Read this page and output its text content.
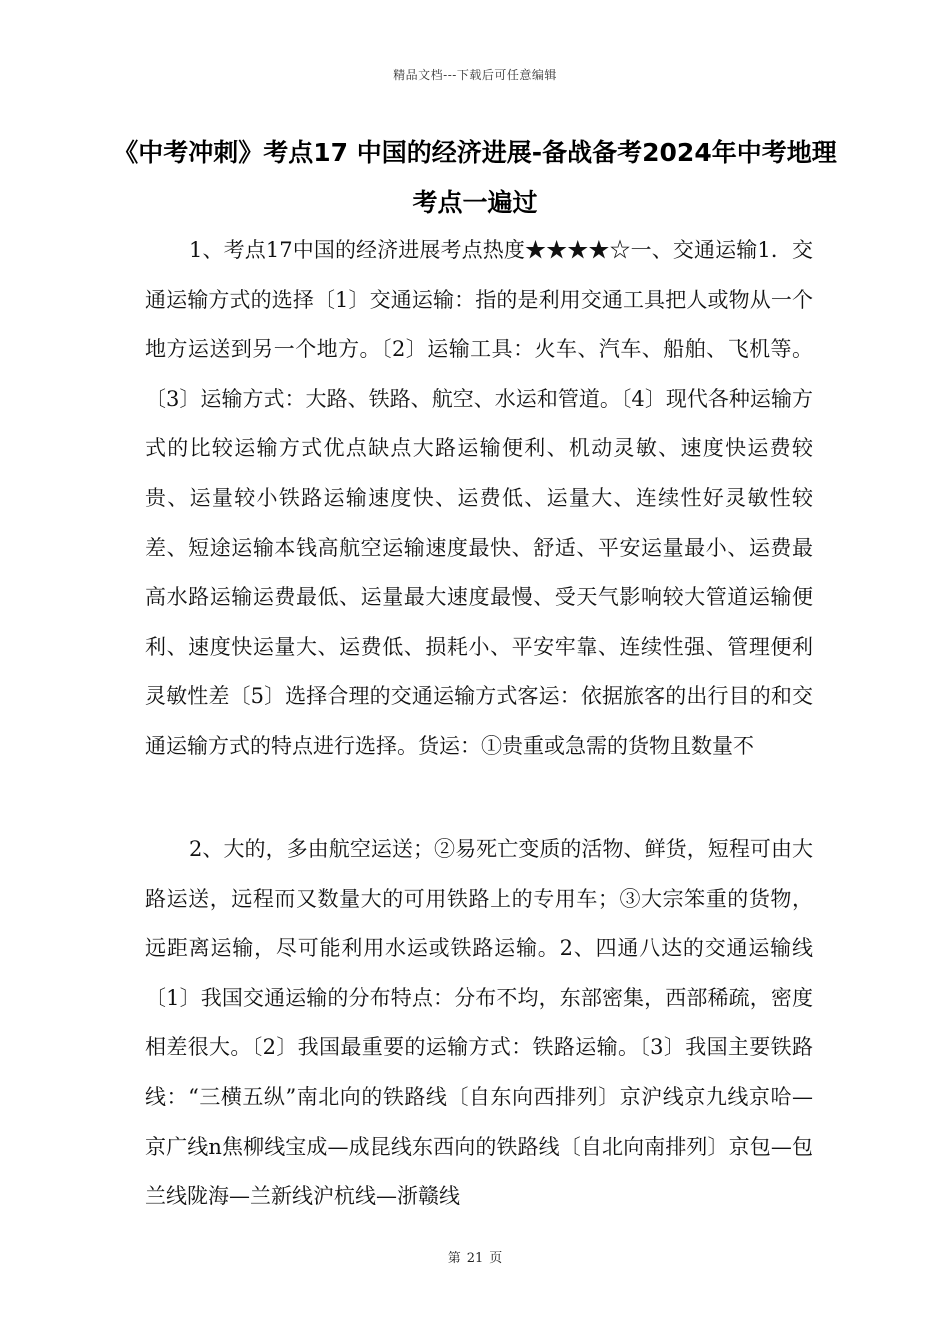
精品文档---下载后可任意编辑
《中考冲刺》考点17 中国的经济进展-备战备考2024年中考地理考点一遍过

1、考点17中国的经济进展考点热度★★★★☆一、交通运输1．交通运输方式的选择〔1〕交通运输：指的是利用交通工具把人或物从一个地方运送到另一个地方。〔2〕运输工具：火车、汽车、船舶、飞机等。〔3〕运输方式：大路、铁路、航空、水运和管道。〔4〕现代各种运输方式的比较运输方式优点缺点大路运输便利、机动灵敏、速度快运费较贵、运量较小铁路运输速度快、运费低、运量大、连续性好灵敏性较差、短途运输本钱高航空运输速度最快、舒适、平安运量最小、运费最高水路运输运费最低、运量最大速度最慢、受天气影响较大管道运输便利、速度快运量大、运费低、损耗小、平安牢靠、连续性强、管理便利灵敏性差〔5〕选择合理的交通运输方式客运：依据旅客的出行目的和交通运输方式的特点进行选择。货运：①贵重或急需的货物且数量不

2、大的，多由航空运送；②易死亡变质的活物、鲜货，短程可由大路运送，远程而又数量大的可用铁路上的专用车；③大宗笨重的货物，远距离运输，尽可能利用水运或铁路运输。2、四通八达的交通运输线〔1〕我国交通运输的分布特点：分布不均，东部密集，西部稀疏，密度相差很大。〔2〕我国最重要的运输方式：铁路运输。〔3〕我国主要铁路线：“三横五纵”南北向的铁路线〔自东向西排列〕京沪线京九线京哈—京广线n焦柳线宝成—成昆线东西向的铁路线〔自北向南排列〕京包—包兰线陇海—兰新线沪杭线—浙赣线

第 21 页
